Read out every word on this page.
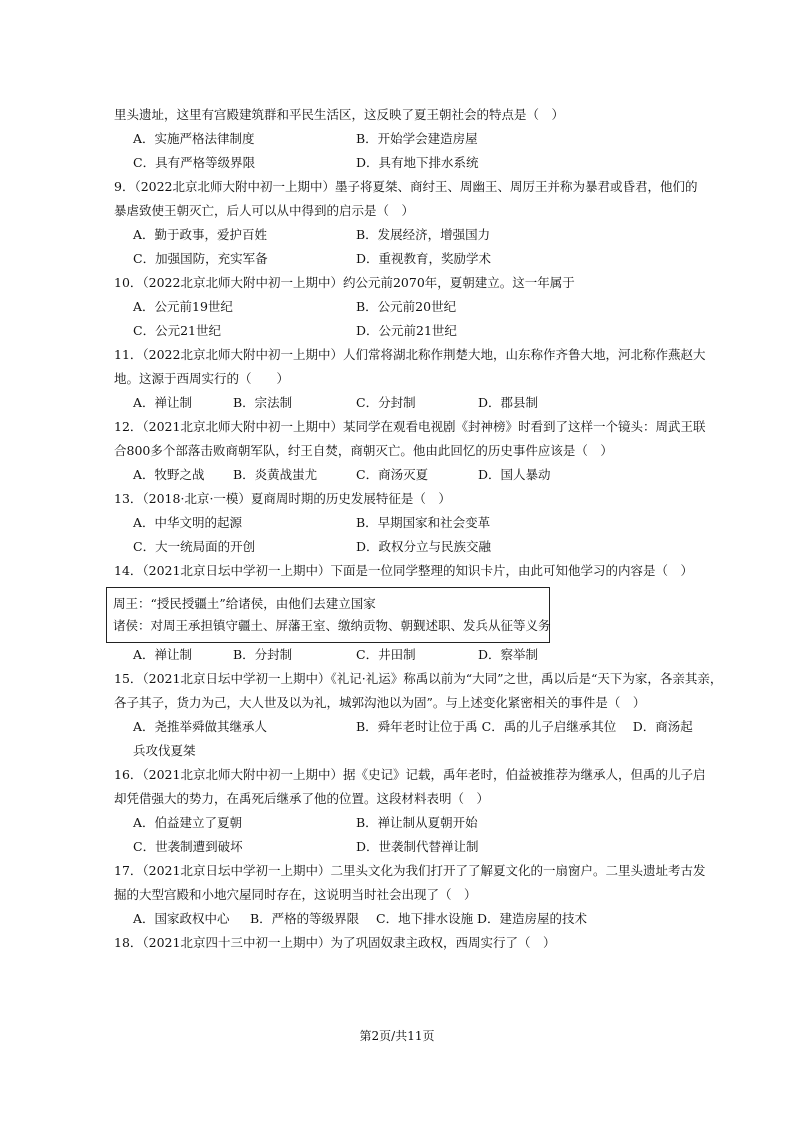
里头遗址，这里有宫殿建筑群和平民生活区，这反映了夏王朝社会的特点是（　）
A．实施严格法律制度	B．开始学会建造房屋
C．具有严格等级界限	D．具有地下排水系统
9．（2022北京北师大附中初一上期中）墨子将夏桀、商纣王、周幽王、周厉王并称为暴君或昏君，他们的
暴虐致使王朝灭亡，后人可以从中得到的启示是（　）
A．勤于政事，爱护百姓	B．发展经济，增强国力
C．加强国防，充实军备	D．重视教育，奖励学术
10．（2022北京北师大附中初一上期中）约公元前2070年，夏朝建立。这一年属于
A．公元前19世纪	B．公元前20世纪
C．公元21世纪	D．公元前21世纪
11．（2022北京北师大附中初一上期中）人们常将湖北称作荆楚大地，山东称作齐鲁大地，河北称作燕赵大
地。这源于西周实行的（　　）
A．禅让制	B．宗法制	C．分封制	D．郡县制
12．（2021北京北师大附中初一上期中）某同学在观看电视剧《封神榜》时看到了这样一个镜头：周武王联
合800多个部落击败商朝军队，纣王自焚，商朝灭亡。他由此回忆的历史事件应该是（　）
A．牧野之战 B．炎黄战蚩尤	C．商汤灭夏	D．国人暴动
13．（2018·北京·一模）夏商周时期的历史发展特征是（　）
A．中华文明的起源	B．早期国家和社会变革
C．大一统局面的开创	D．政权分立与民族交融
14．（2021北京日坛中学初一上期中）下面是一位同学整理的知识卡片，由此可知他学习的内容是（　）
周王：“授民授疆土”给诸侯，由他们去建立国家
诸侯：对周王承担镇守疆土、屏藩王室、缴纳贡物、朝觐述职、发兵从征等义务
A．禅让制	B．分封制	C．井田制	D．察举制
15．（2021北京日坛中学初一上期中）《礼记·礼运》称禹以前为“大同”之世，禹以后是“天下为家，各亲其亲，
各子其子，货力为己，大人世及以为礼，城郭沟池以为固”。与上述变化紧密相关的事件是（　）
A．尧推举舜做其继承人	B．舜年老时让位于禹 C．禹的儿子启继承其位　 D．商汤起
兵攻伐夏桀
16．（2021北京北师大附中初一上期中）据《史记》记载，禹年老时，伯益被推荐为继承人，但禹的儿子启
却凭借强大的势力，在禹死后继承了他的位置。这段材料表明（　）
A．伯益建立了夏朝	B．禅让制从夏朝开始
C．世袭制遭到破坏	D．世袭制代替禅让制
17．（2021北京日坛中学初一上期中）二里头文化为我们打开了了解夏文化的一扇窗户。二里头遗址考古发
掘的大型宫殿和小地穴屋同时存在，这说明当时社会出现了（　）
A．国家政权中心 B．严格的等级界限 C．地下排水设施 D．建造房屋的技术
18．（2021北京四十三中初一上期中）为了巩固奴隶主政权，西周实行了（　）
第2页/共11页
